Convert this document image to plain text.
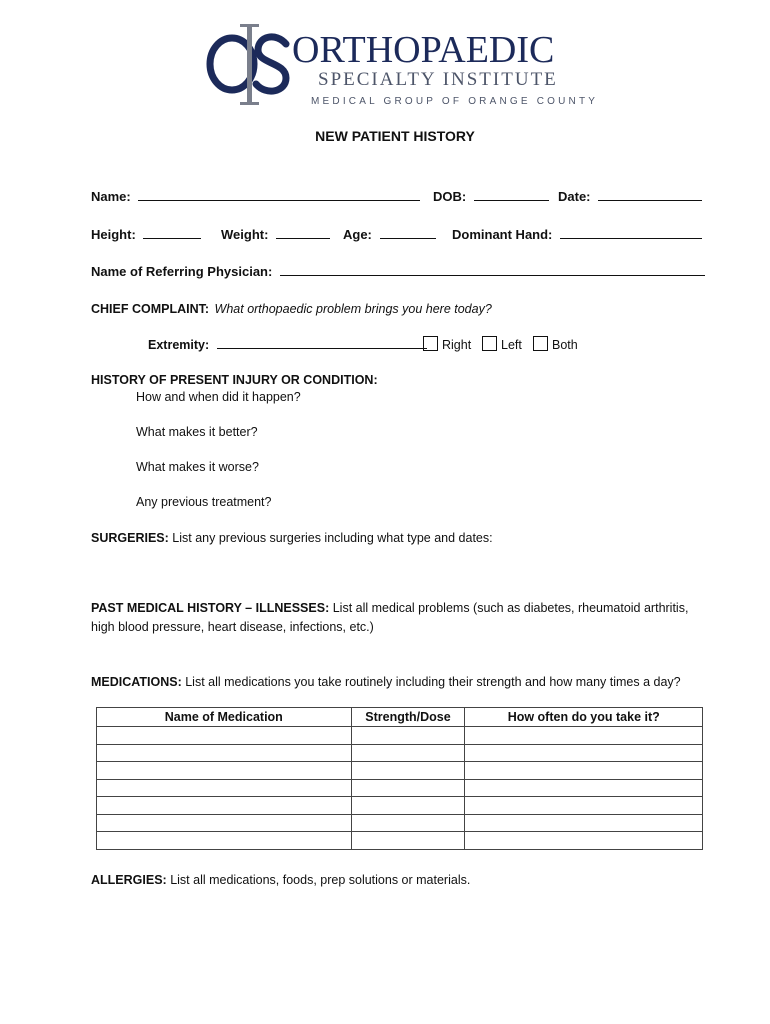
ORTHOPAEDIC
SPECIALTY INSTITUTE
MEDICAL GROUP OF ORANGE COUNTY
NEW PATIENT HISTORY
Name:	DOB:	Date:
Height:	Weight:	Age:	Dominant Hand:
Name of Referring Physician:
CHIEF COMPLAINT: What orthopaedic problem brings you here today?
Extremity:	Right	Left	Both
HISTORY OF PRESENT INJURY OR CONDITION:
How and when did it happen?
What makes it better?
What makes it worse?
Any previous treatment?
SURGERIES: List any previous surgeries including what type and dates:
PAST MEDICAL HISTORY – ILLNESSES: List all medical problems (such as diabetes, rheumatoid arthritis,
high blood pressure, heart disease, infections, etc.)
MEDICATIONS: List all medications you take routinely including their strength and how many times a day?
Name of Medication	Strength/Dose	How often do you take it?

ALLERGIES: List all medications, foods, prep solutions or materials.
